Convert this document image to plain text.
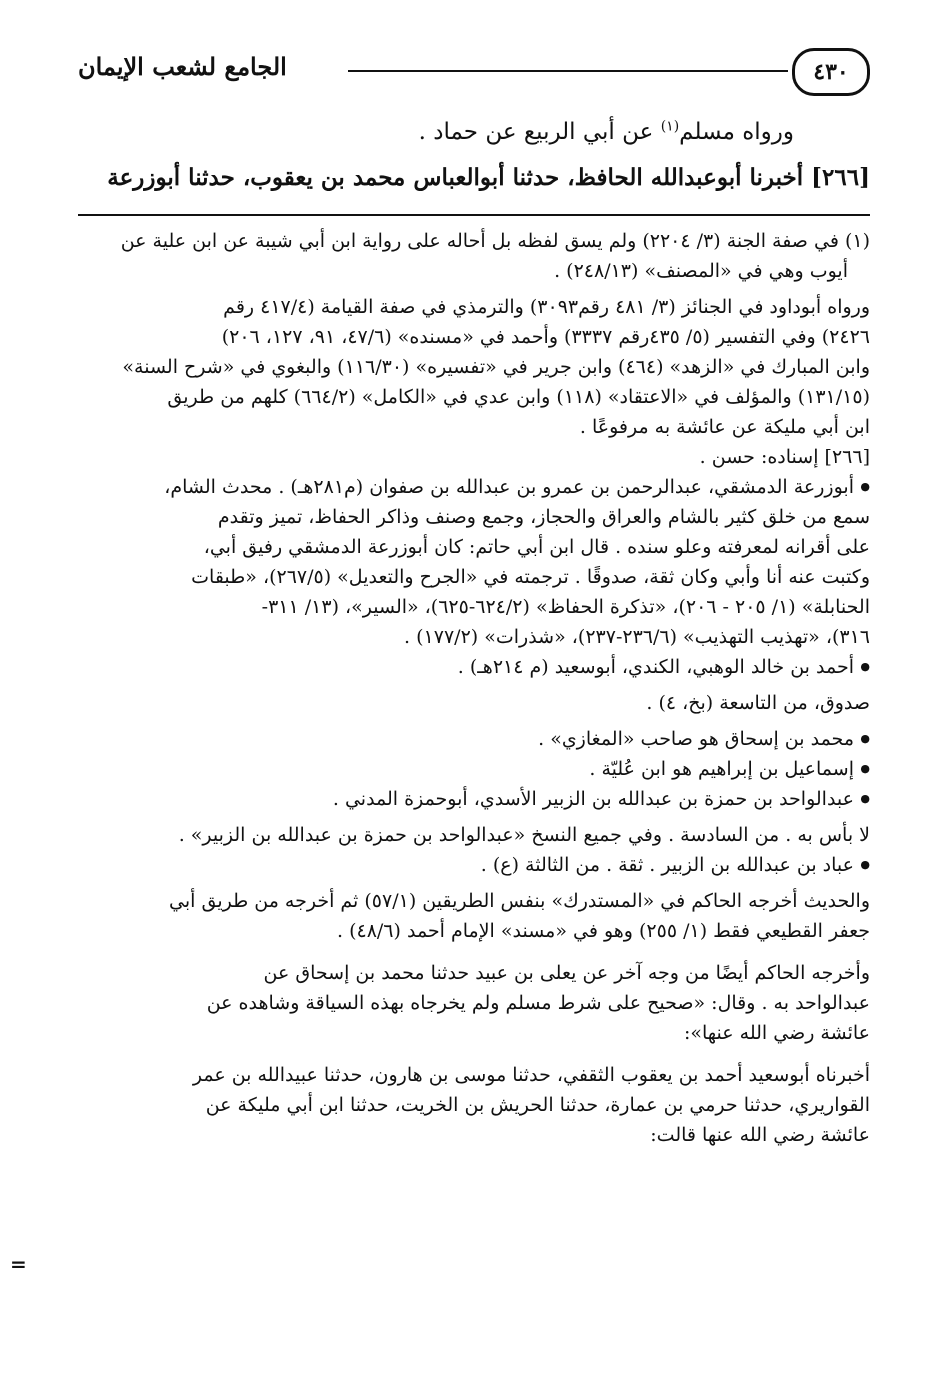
٤٣٠
الجامع لشعب الإيمان

ورواه مسلم$^{(١)}$ عن أبي الربيع عن حماد .

[٢٦٦] أخبرنا أبوعبدالله الحافظ، حدثنا أبوالعباس محمد بن يعقوب، حدثنا أبوزرعة

(١) في صفة الجنة (٣/ ٢٢٠٤) ولم يسق لفظه بل أحاله على رواية ابن أبي شيبة عن ابن علية عن

أيوب وهي في «المصنف» (٢٤٨/١٣) .

ورواه أبوداود في الجنائز (٣/ ٤٨١ رقم٣٠٩٣) والترمذي في صفة القيامة (٤١٧/٤ رقم

٢٤٢٦) وفي التفسير (٥/ ٤٣٥رقم ٣٣٣٧) وأحمد في «مسنده» (٤٧/٦، ٩١، ١٢٧، ٢٠٦)

وابن المبارك في «الزهد» (٤٦٤) وابن جرير في «تفسيره» (١١٦/٣٠) والبغوي في «شرح السنة»

(١٣١/١٥) والمؤلف في «الاعتقاد» (١١٨) وابن عدي في «الكامل» (٦٦٤/٢) كلهم من طريق

ابن أبي مليكة عن عائشة به مرفوعًا .

[٢٦٦] إسناده: حسن .

● أبوزرعة الدمشقي، عبدالرحمن بن عمرو بن عبدالله بن صفوان (م٢٨١هـ) . محدث الشام،

سمع من خلق كثير بالشام والعراق والحجاز، وجمع وصنف وذاكر الحفاظ، تميز وتقدم

على أقرانه لمعرفته وعلو سنده . قال ابن أبي حاتم: كان أبوزرعة الدمشقي رفيق أبي،

وكتبت عنه أنا وأبي وكان ثقة، صدوقًا . ترجمته في «الجرح والتعديل» (٢٦٧/٥)، «طبقات

الحنابلة» (١/ ٢٠٥ - ٢٠٦)، «تذكرة الحفاظ» (٦٢٤/٢-٦٢٥)، «السير»، (١٣/ ٣١١-

٣١٦)، «تهذيب التهذيب» (٢٣٦/٦-٢٣٧)، «شذرات» (١٧٧/٢) .

● أحمد بن خالد الوهبي، الكندي، أبوسعيد (م ٢١٤هـ) .

صدوق، من التاسعة (بخ، ٤) .

● محمد بن إسحاق هو صاحب «المغازي» .

● إسماعيل بن إبراهيم هو ابن عُليّة .

● عبدالواحد بن حمزة بن عبدالله بن الزبير الأسدي، أبوحمزة المدني .

لا بأس به . من السادسة . وفي جميع النسخ «عبدالواحد بن حمزة بن عبدالله بن الزبير» .

● عباد بن عبدالله بن الزبير . ثقة . من الثالثة (ع) .

والحديث أخرجه الحاكم في «المستدرك» بنفس الطريقين (٥٧/١) ثم أخرجه من طريق أبي

جعفر القطيعي فقط (١/ ٢٥٥) وهو في «مسند» الإمام أحمد (٤٨/٦) .

وأخرجه الحاكم أيضًا من وجه آخر عن يعلى بن عبيد حدثنا محمد بن إسحاق عن

عبدالواحد به . وقال: «صحيح على شرط مسلم ولم يخرجاه بهذه السياقة وشاهده عن

عائشة رضي الله عنها»:

أخبرناه أبوسعيد أحمد بن يعقوب الثقفي، حدثنا موسى بن هارون، حدثنا عبيدالله بن عمر

القواريري، حدثنا حرمي بن عمارة، حدثنا الحريش بن الخريت، حدثنا ابن أبي مليكة عن

عائشة رضي الله عنها قالت:

=
